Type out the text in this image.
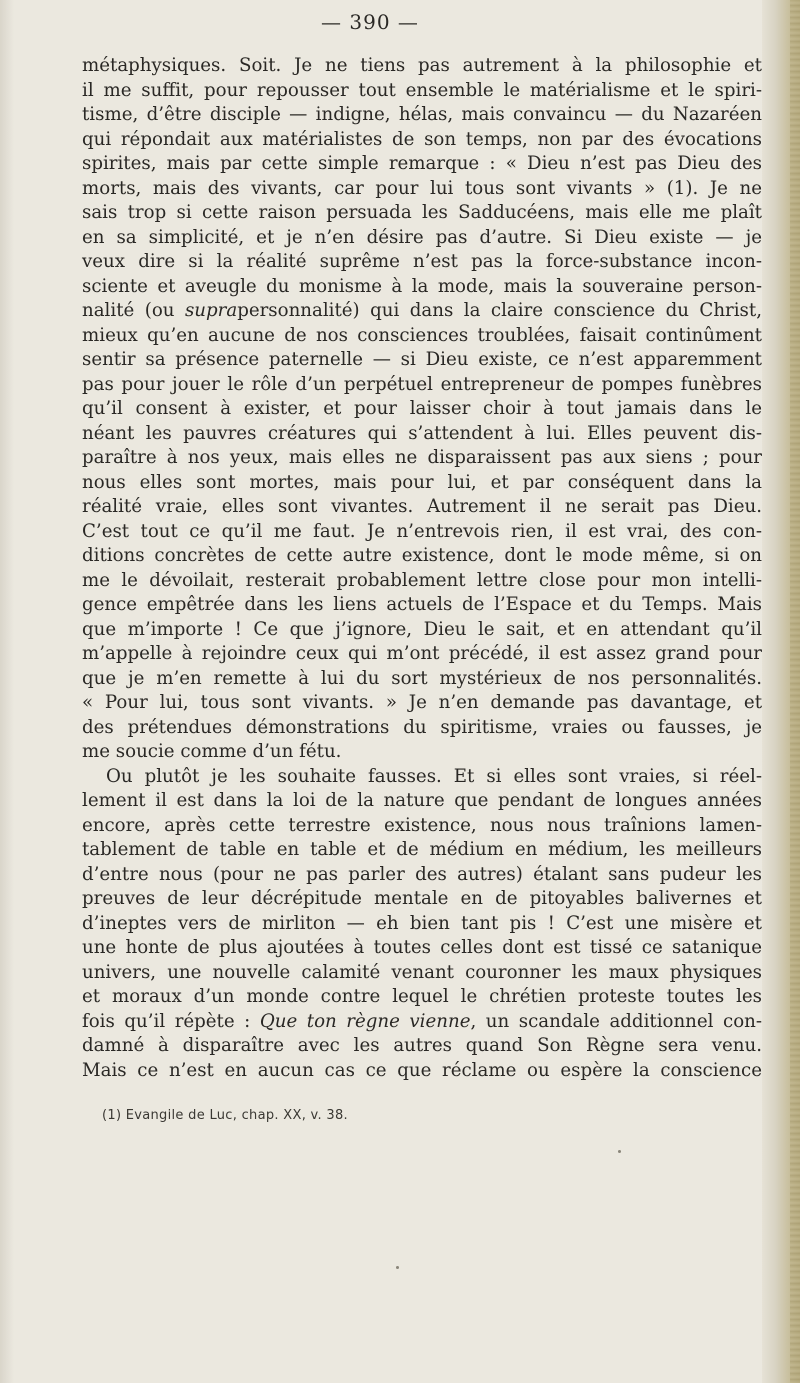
— 390 —
métaphysiques. Soit. Je ne tiens pas autrement à la philosophie et
il me suffit, pour repousser tout ensemble le matérialisme et le spiri-
tisme, d’être disciple — indigne, hélas, mais convaincu — du Nazaréen
qui répondait aux matérialistes de son temps, non par des évocations
spirites, mais par cette simple remarque : « Dieu n’est pas Dieu des
morts, mais des vivants, car pour lui tous sont vivants » (1). Je ne
sais trop si cette raison persuada les Sadducéens, mais elle me plaît
en sa simplicité, et je n’en désire pas d’autre. Si Dieu existe — je
veux dire si la réalité suprême n’est pas la force-substance incon-
sciente et aveugle du monisme à la mode, mais la souveraine person-
nalité (ou suprapersonnalité) qui dans la claire conscience du Christ,
mieux qu’en aucune de nos consciences troublées, faisait continûment
sentir sa présence paternelle — si Dieu existe, ce n’est apparemment
pas pour jouer le rôle d’un perpétuel entrepreneur de pompes funèbres
qu’il consent à exister, et pour laisser choir à tout jamais dans le
néant les pauvres créatures qui s’attendent à lui. Elles peuvent dis-
paraître à nos yeux, mais elles ne disparaissent pas aux siens ; pour
nous elles sont mortes, mais pour lui, et par conséquent dans la
réalité vraie, elles sont vivantes. Autrement il ne serait pas Dieu.
C’est tout ce qu’il me faut. Je n’entrevois rien, il est vrai, des con-
ditions concrètes de cette autre existence, dont le mode même, si on
me le dévoilait, resterait probablement lettre close pour mon intelli-
gence empêtrée dans les liens actuels de l’Espace et du Temps. Mais
que m’importe ! Ce que j’ignore, Dieu le sait, et en attendant qu’il
m’appelle à rejoindre ceux qui m’ont précédé, il est assez grand pour
que je m’en remette à lui du sort mystérieux de nos personnalités.
« Pour lui, tous sont vivants. » Je n’en demande pas davantage, et
des prétendues démonstrations du spiritisme, vraies ou fausses, je
me soucie comme d’un fétu.
Ou plutôt je les souhaite fausses. Et si elles sont vraies, si réel-
lement il est dans la loi de la nature que pendant de longues années
encore, après cette terrestre existence, nous nous traînions lamen-
tablement de table en table et de médium en médium, les meilleurs
d’entre nous (pour ne pas parler des autres) étalant sans pudeur les
preuves de leur décrépitude mentale en de pitoyables balivernes et
d’ineptes vers de mirliton — eh bien tant pis ! C’est une misère et
une honte de plus ajoutées à toutes celles dont est tissé ce satanique
univers, une nouvelle calamité venant couronner les maux physiques
et moraux d’un monde contre lequel le chrétien proteste toutes les
fois qu’il répète : Que ton règne vienne, un scandale additionnel con-
damné à disparaître avec les autres quand Son Règne sera venu.
Mais ce n’est en aucun cas ce que réclame ou espère la conscience
(1) Evangile de Luc, chap. XX, v. 38.
